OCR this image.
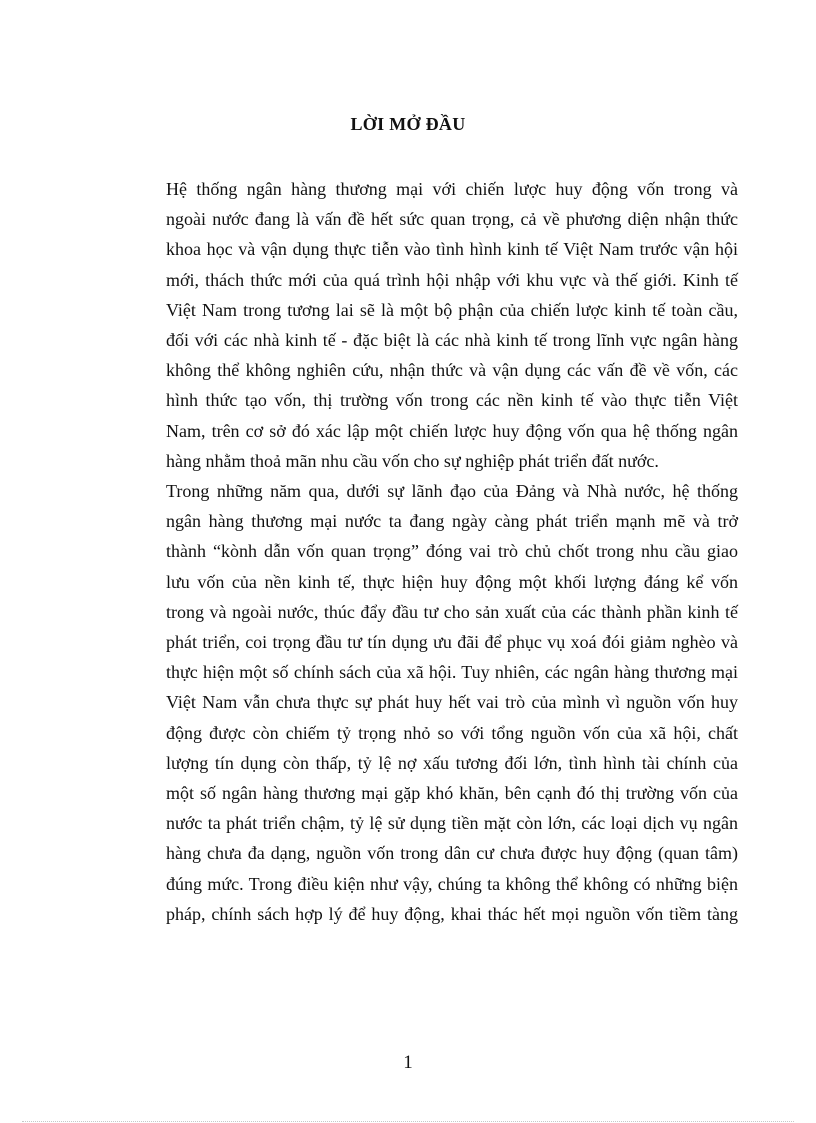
LỜI MỞ ĐẦU

Hệ thống ngân hàng thương mại với chiến lược huy động vốn trong và
ngoài nước đang là vấn đề hết sức quan trọng, cả về phương diện nhận thức
khoa học và vận dụng thực tiễn vào tình hình kinh tế Việt Nam trước vận hội
mới, thách thức mới của quá trình hội nhập với khu vực và thế giới. Kinh tế
Việt Nam trong tương lai sẽ là một bộ phận của chiến lược kinh tế toàn cầu,
đối với các nhà kinh tế - đặc biệt là các nhà kinh tế trong lĩnh vực ngân hàng
không thể không nghiên cứu, nhận thức và vận dụng các vấn đề về vốn, các
hình thức tạo vốn, thị trường vốn trong các nền kinh tế vào thực tiễn Việt
Nam, trên cơ sở đó xác lập một chiến lược huy động vốn qua hệ thống ngân
hàng nhằm thoả mãn nhu cầu vốn cho sự nghiệp phát triển đất nước.

Trong những năm qua, dưới sự lãnh đạo của Đảng và Nhà nước, hệ thống
ngân hàng thương mại nước ta đang ngày càng phát triển mạnh mẽ và trở
thành “kònh dẫn vốn quan trọng” đóng vai trò chủ chốt trong nhu cầu giao
lưu vốn của nền kinh tế, thực hiện huy động một khối lượng đáng kể vốn
trong và ngoài nước, thúc đẩy đầu tư cho sản xuất của các thành phần kinh tế
phát triển, coi trọng đầu tư tín dụng ưu đãi để phục vụ xoá đói giảm nghèo và
thực hiện một số chính sách của xã hội. Tuy nhiên, các ngân hàng thương mại
Việt Nam vẫn chưa thực sự phát huy hết vai trò của mình vì nguồn vốn huy
động được còn chiếm tỷ trọng nhỏ so với tổng nguồn vốn của xã hội, chất
lượng tín dụng còn thấp, tỷ lệ nợ xấu tương đối lớn, tình hình tài chính của
một số ngân hàng thương mại gặp khó khăn, bên cạnh đó thị trường vốn của
nước ta phát triển chậm, tỷ lệ sử dụng tiền mặt còn lớn, các loại dịch vụ ngân
hàng chưa đa dạng, nguồn vốn trong dân cư chưa được huy động (quan tâm)
đúng mức. Trong điều kiện như vậy, chúng ta không thể không có những biện
pháp, chính sách hợp lý để huy động, khai thác hết mọi nguồn vốn tiềm tàng

1
